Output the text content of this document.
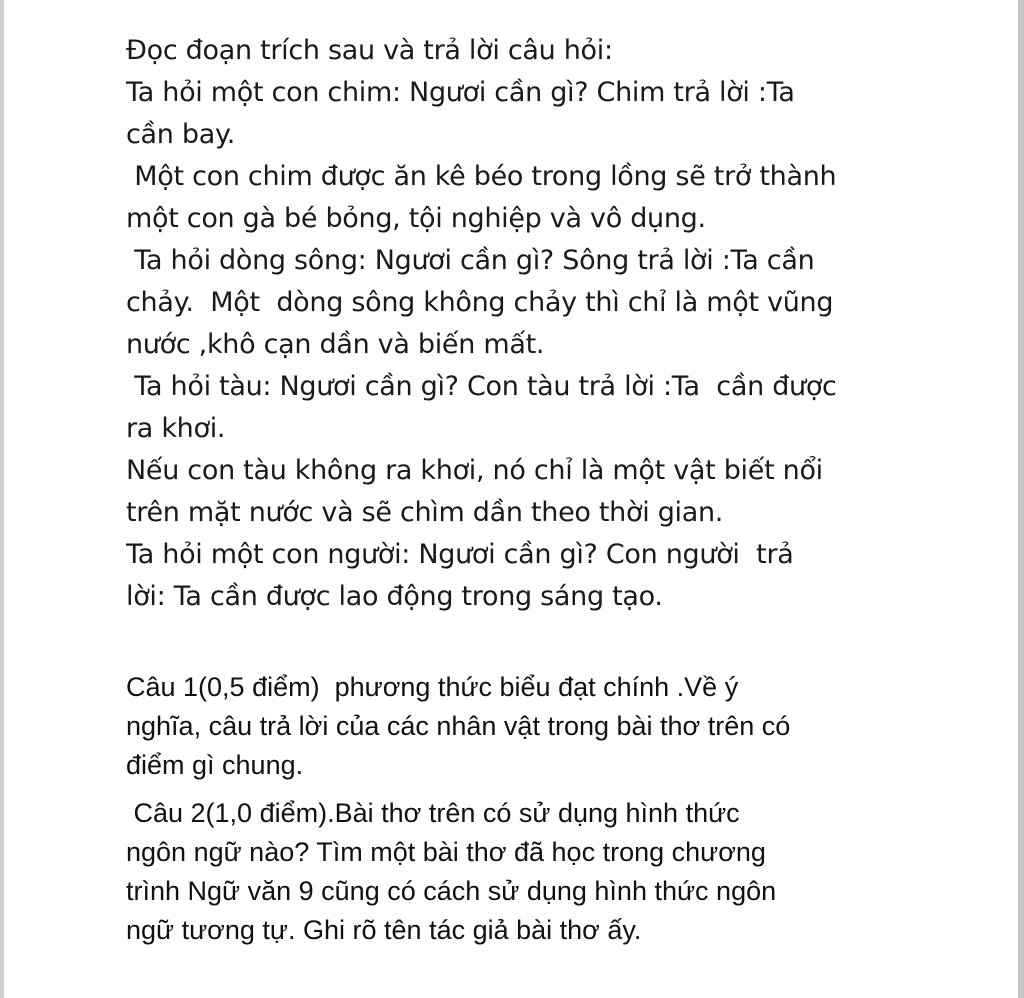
Đọc đoạn trích sau và trả lời câu hỏi:
Ta hỏi một con chim: Ngươi cần gì? Chim trả lời :Ta
cần bay.
Một con chim được ăn kê béo trong lồng sẽ trở thành
một con gà bé bỏng, tội nghiệp và vô dụng.
Ta hỏi dòng sông: Ngươi cần gì? Sông trả lời :Ta cần
chảy.  Một  dòng sông không chảy thì chỉ là một vũng
nước ,khô cạn dần và biến mất.
Ta hỏi tàu: Ngươi cần gì? Con tàu trả lời :Ta  cần được
ra khơi.
Nếu con tàu không ra khơi, nó chỉ là một vật biết nổi
trên mặt nước và sẽ chìm dần theo thời gian.
Ta hỏi một con người: Ngươi cần gì? Con người  trả
lời: Ta cần được lao động trong sáng tạo.
Câu 1(0,5 điểm)  phương thức biểu đạt chính .Về ý
nghĩa, câu trả lời của các nhân vật trong bài thơ trên có
điểm gì chung.
Câu 2(1,0 điểm).Bài thơ trên có sử dụng hình thức
ngôn ngữ nào? Tìm một bài thơ đã học trong chương
trình Ngữ văn 9 cũng có cách sử dụng hình thức ngôn
ngữ tương tự. Ghi rõ tên tác giả bài thơ ấy.
